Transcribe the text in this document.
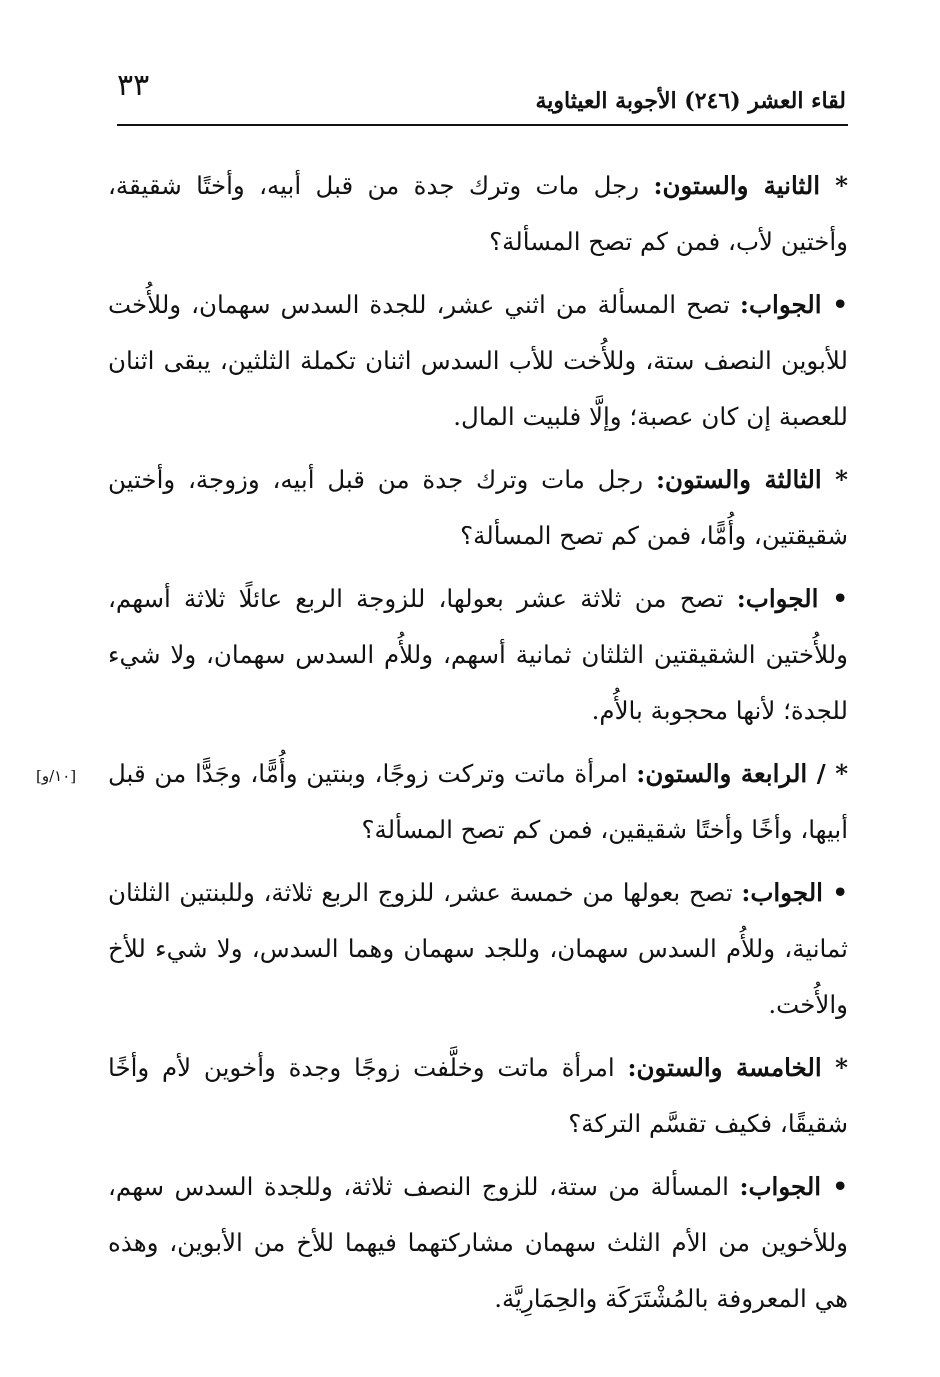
٣٣	لقاء العشر (٢٤٦) الأجوبة العيثاوية

* الثانية والستون: رجل مات وترك جدة من قبل أبيه، وأختًا شقيقة، وأختين لأب، فمن كم تصح المسألة؟

• الجواب: تصح المسألة من اثني عشر، للجدة السدس سهمان، وللأُخت للأبوين النصف ستة، وللأُخت للأب السدس اثنان تكملة الثلثين، يبقى اثنان للعصبة إن كان عصبة؛ وإلَّا فلبيت المال.

* الثالثة والستون: رجل مات وترك جدة من قبل أبيه، وزوجة، وأختين شقيقتين، وأُمًّا، فمن كم تصح المسألة؟

• الجواب: تصح من ثلاثة عشر بعولها، للزوجة الربع عائلًا ثلاثة أسهم، وللأُختين الشقيقتين الثلثان ثمانية أسهم، وللأُم السدس سهمان، ولا شيء للجدة؛ لأنها محجوبة بالأُم.

[١٠/و]	* / الرابعة والستون: امرأة ماتت وتركت زوجًا، وبنتين وأُمًّا، وجَدًّا من قبل أبيها، وأخًا وأختًا شقيقين، فمن كم تصح المسألة؟

• الجواب: تصح بعولها من خمسة عشر، للزوج الربع ثلاثة، وللبنتين الثلثان ثمانية، وللأُم السدس سهمان، وللجد سهمان وهما السدس، ولا شيء للأخ والأُخت.

* الخامسة والستون: امرأة ماتت وخلَّفت زوجًا وجدة وأخوين لأم وأخًا شقيقًا، فكيف تقسَّم التركة؟

• الجواب: المسألة من ستة، للزوج النصف ثلاثة، وللجدة السدس سهم، وللأخوين من الأم الثلث سهمان مشاركتهما فيهما للأخ من الأبوين، وهذه هي المعروفة بالمُشْتَرَكَة والحِمَارِيَّة.
